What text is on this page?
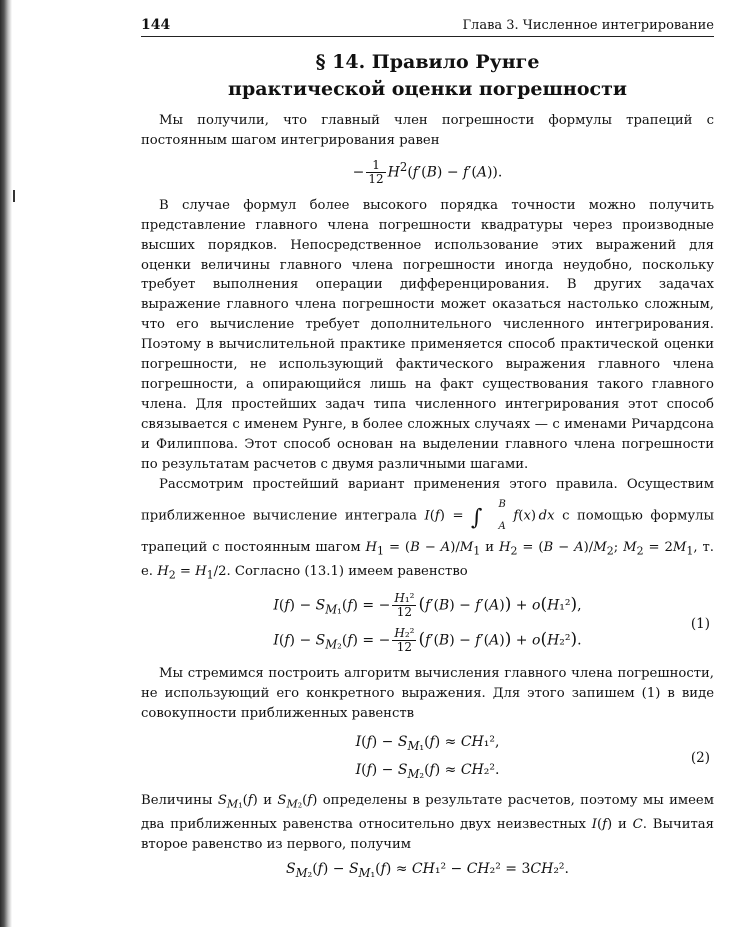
144	Глава 3. Численное интегрирование
§ 14. Правило Рунге
практической оценки погрешности

Мы получили, что главный член погрешности формулы трапеций с постоянным шагом интегрирования равен

− $\frac{1}{12} H^2(f'(B) - f'(A))$.

В случае формул более высокого порядка точности можно получить представление главного члена погрешности квадратуры через производные высших порядков. Непосредственное использование этих выражений для оценки величины главного члена погрешности иногда неудобно, поскольку требует выполнения операции дифференцирования. В других задачах выражение главного члена погрешности может оказаться настолько сложным, что его вычисление требует дополнительного численного интегрирования. Поэтому в вычислительной практике применяется способ практической оценки погрешности, не использующий фактического выражения главного члена погрешности, а опирающийся лишь на факт существования такого главного члена. Для простейших задач типа численного интегрирования этот способ связывается с именем Рунге, в более сложных случаях — с именами Ричардсона и Филиппова. Этот способ основан на выделении главного члена погрешности по результатам расчетов с двумя различными шагами.

Рассмотрим простейший вариант применения этого правила. Осуществим приближенное вычисление интеграла I(f) = ∫
B
A
f(x) dx с помощью формулы трапеций с постоянным шагом $H_1 = (B - A)/M_1$ и $H_2 = (B - A)/M_2$; $M_2 = 2M_1$, т. е. $H_2 = H_1/2$. Согласно (13.1) имеем равенство

$I(f) - S_{M_1}(f)$ = − $\frac{\text{H₁²}}{12} (f'(B) - f'(A)) + o(H_1^2)$,
$I(f) - S_{M_2}(f)$ = − $\frac{\text{H₂²}}{12} (f'(B) - f'(A)) + o(H_2^2)$.
(1)

Мы стремимся построить алгоритм вычисления главного члена погрешности, не использующий его конкретного выражения. Для этого запишем (1) в виде совокупности приближенных равенств

$I(f) - S_{M_1}(f) \approx CH_1^2$,
$I(f) - S_{M_2}(f) \approx CH_2^2$.
(2)

Величины $S_{M_1}(f)$ и $S_{M_2}(f)$ определены в результате расчетов, поэтому мы имеем два приближенных равенства относительно двух неизвестных I(f) и C. Вычитая второе равенство из первого, получим

$S_{M_2}(f) - S_{M_1}(f) \approx CH_1^2 - CH_2^2 = 3CH_2^2$.
